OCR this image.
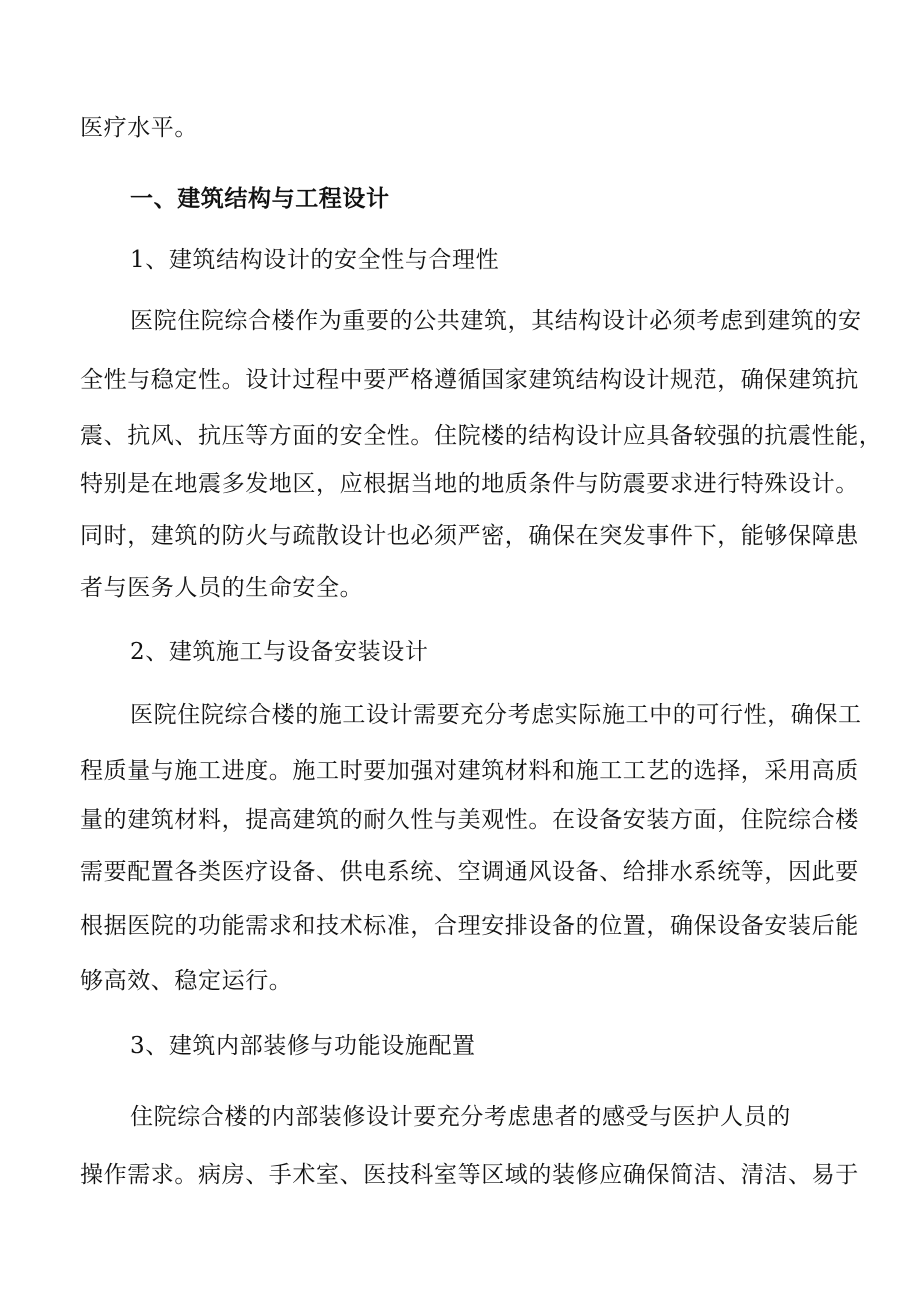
医疗水平。
一、建筑结构与工程设计
1、建筑结构设计的安全性与合理性
医院住院综合楼作为重要的公共建筑，其结构设计必须考虑到建筑的安
全性与稳定性。设计过程中要严格遵循国家建筑结构设计规范，确保建筑抗
震、抗风、抗压等方面的安全性。住院楼的结构设计应具备较强的抗震性能，
特别是在地震多发地区，应根据当地的地质条件与防震要求进行特殊设计。
同时，建筑的防火与疏散设计也必须严密，确保在突发事件下，能够保障患
者与医务人员的生命安全。
2、建筑施工与设备安装设计
医院住院综合楼的施工设计需要充分考虑实际施工中的可行性，确保工
程质量与施工进度。施工时要加强对建筑材料和施工工艺的选择，采用高质
量的建筑材料，提高建筑的耐久性与美观性。在设备安装方面，住院综合楼
需要配置各类医疗设备、供电系统、空调通风设备、给排水系统等，因此要
根据医院的功能需求和技术标准，合理安排设备的位置，确保设备安装后能
够高效、稳定运行。
3、建筑内部装修与功能设施配置
住院综合楼的内部装修设计要充分考虑患者的感受与医护人员的
操作需求。病房、手术室、医技科室等区域的装修应确保简洁、清洁、易于
